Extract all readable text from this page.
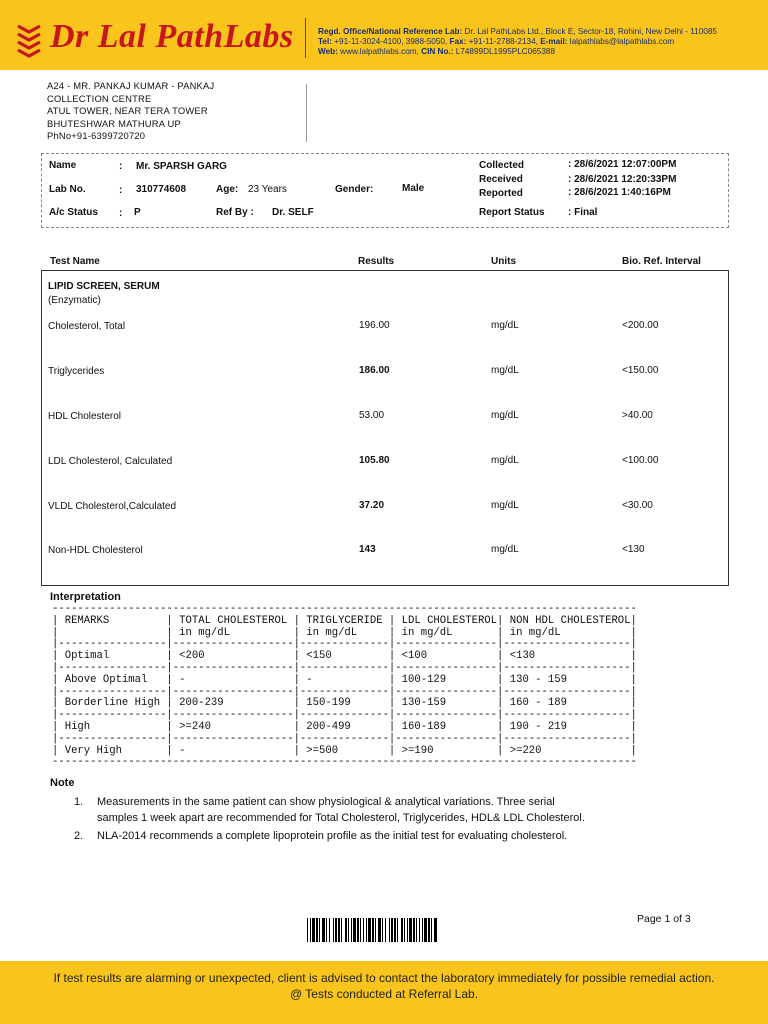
Dr Lal PathLabs	Regd. Office/National Reference Lab: Dr. Lal PathLabs Ltd., Block E, Sector-18, Rohini, New Delhi - 110085
Tel: +91-11-3024-4100, 3988-5050, Fax: +91-11-2788-2134, E-mail: lalpathlabs@lalpathlabs.com
Web: www.lalpathlabs.com, CIN No.: L74899DL1995PLC065388
A24 - MR. PANKAJ KUMAR - PANKAJ
COLLECTION CENTRE
ATUL TOWER, NEAR TERA TOWER
BHUTESHWAR MATHURA UP
PhNo+91-6399720720
Name	: Mr. SPARSH GARG
Lab No.	: 310774608	Age: 23 Years	Gender:	Male
A/c Status : P	Ref By : Dr. SELF
Collected	: 28/6/2021 12:07:00PM
Received	: 28/6/2021 12:20:33PM
Reported	: 28/6/2021 1:40:16PM
Report Status : Final
Test Name	Results	Units	Bio. Ref. Interval
LIPID SCREEN, SERUM
(Enzymatic)
Cholesterol, Total	196.00	mg/dL	<200.00
Triglycerides	186.00	mg/dL	<150.00
HDL Cholesterol	53.00	mg/dL	>40.00
LDL Cholesterol, Calculated	105.80	mg/dL	<100.00
VLDL Cholesterol,Calculated	37.20	mg/dL	<30.00
Non-HDL Cholesterol	143	mg/dL	<130
Interpretation
--------------------------------------------------------------------------------------------
| REMARKS         | TOTAL CHOLESTEROL | TRIGLYCERIDE | LDL CHOLESTEROL| NON HDL CHOLESTEROL|
|                 | in mg/dL          | in mg/dL     | in mg/dL       | in mg/dL           |
|-----------------|-------------------|--------------|----------------|--------------------|
| Optimal         | <200              | <150         | <100           | <130               |
|-----------------|-------------------|--------------|----------------|--------------------|
| Above Optimal   | -                 | -            | 100-129        | 130 - 159          |
|-----------------|-------------------|--------------|----------------|--------------------|
| Borderline High | 200-239           | 150-199      | 130-159        | 160 - 189          |
|-----------------|-------------------|--------------|----------------|--------------------|
| High            | >=240             | 200-499      | 160-189        | 190 - 219          |
|-----------------|-------------------|--------------|----------------|--------------------|
| Very High       | -                 | >=500        | >=190          | >=220              |
--------------------------------------------------------------------------------------------
Note
1. Measurements in the same patient can show physiological & analytical variations. Three serial
samples 1 week apart are recommended for Total Cholesterol, Triglycerides, HDL& LDL Cholesterol.
2. NLA-2014 recommends a complete lipoprotein profile as the initial test for evaluating cholesterol.
Page 1 of 3
If test results are alarming or unexpected, client is advised to contact the laboratory immediately for possible remedial action.
@ Tests conducted at Referral Lab.
